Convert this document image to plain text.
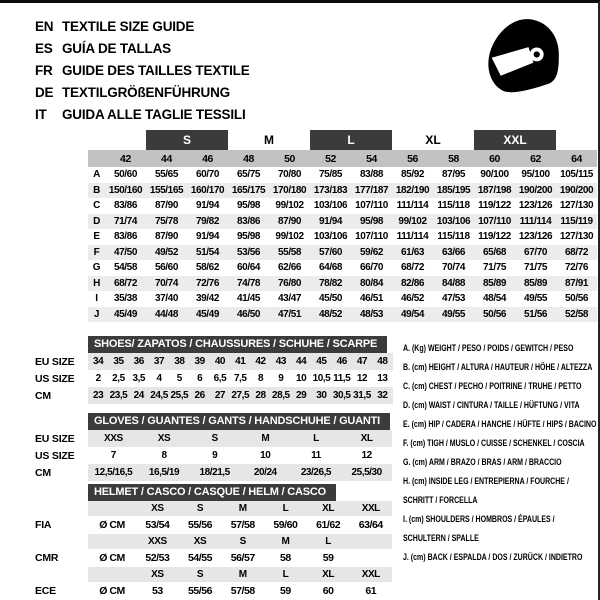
EN TEXTILE SIZE GUIDE
ES GUÍA DE TALLAS
FR GUIDE DES TAILLES TEXTILE
DE TEXTILGRÖßENFÜHRUNG
IT	GUIDA ALLE TAGLIE TESSILI
		S		M		L		XL		XXL		
	42	44	46	48	50	52	54	56	58	60	62	64
A	50/60	55/65	60/70	65/75	70/80	75/85	83/88	85/92	87/95	90/100	95/100	105/115
B	150/160	155/165	160/170	165/175	170/180	173/183	177/187	182/190	185/195	187/198	190/200	190/200
C	83/86	87/90	91/94	95/98	99/102	103/106	107/110	111/114	115/118	119/122	123/126	127/130
D	71/74	75/78	79/82	83/86	87/90	91/94	95/98	99/102	103/106	107/110	111/114	115/119
E	83/86	87/90	91/94	95/98	99/102	103/106	107/110	111/114	115/118	119/122	123/126	127/130
F	47/50	49/52	51/54	53/56	55/58	57/60	59/62	61/63	63/66	65/68	67/70	68/72
G	54/58	56/60	58/62	60/64	62/66	64/68	66/70	68/72	70/74	71/75	71/75	72/76
H	68/72	70/74	72/76	74/78	76/80	78/82	80/84	82/86	84/88	85/89	85/89	87/91
I	35/38	37/40	39/42	41/45	43/47	45/50	46/51	46/52	47/53	48/54	49/55	50/56
J	45/49	44/48	45/49	46/50	47/51	48/52	48/53	49/54	49/55	50/56	51/56	52/58
	SHOES/ ZAPATOS / CHAUSSURES / SCHUHE / SCARPE														
EU SIZE	34	35	36	37	38	39	40	41	42	43	44	45	46	47	48
US SIZE	2	2,5	3,5	4	5	6	6,5	7,5	8	9	10	10,5	11,5	12	13
CM	23	23,5	24	24,5	25,5	26	27	27,5	28	28,5	29	30	30,5	31,5	32
	GLOVES / GUANTES / GANTS / HANDSCHUHE / GUANTI					
EU SIZE	XXS	XS	S	M	L	XL
US SIZE	7	8	9	10	11	12
CM	12,5/16,5	16,5/19	18/21,5	20/24	23/26,5	25,5/30
	HELMET / CASCO / CASQUE / HELM / CASCO						
		XS	S	M	L	XL	XXL
FIA	Ø CM	53/54	55/56	57/58	59/60	61/62	63/64
		XXS	XS	S	M	L	
CMR	Ø CM	52/53	54/55	56/57	58	59	
		XS	S	M	L	XL	XXL
ECE	Ø CM	53	55/56	57/58	59	60	61
A. (Kg) WEIGHT / PESO / POIDS / GEWITCH / PESO
B. (cm) HEIGHT / ALTURA / HAUTEUR / HÖHE / ALTEZZA
C. (cm) CHEST / PECHO / POITRINE / TRUHE / PETTO
D. (cm) WAIST / CINTURA / TAILLE / HÜFTUNG / VITA
E. (cm) HIP / CADERA / HANCHE / HÜFTE / HIPS / BACINO
F. (cm) TIGH / MUSLO / CUISSE / SCHENKEL / COSCIA
G. (cm) ARM / BRAZO / BRAS / ARM / BRACCIO
H. (cm) INSIDE LEG / ENTREPIERNA / FOURCHE / SCHRITT / FORCELLA
I. (cm) SHOULDERS / HOMBROS / ÉPAULES / SCHULTERN / SPALLE
J. (cm) BACK / ESPALDA / DOS / ZURÜCK / INDIETRO
